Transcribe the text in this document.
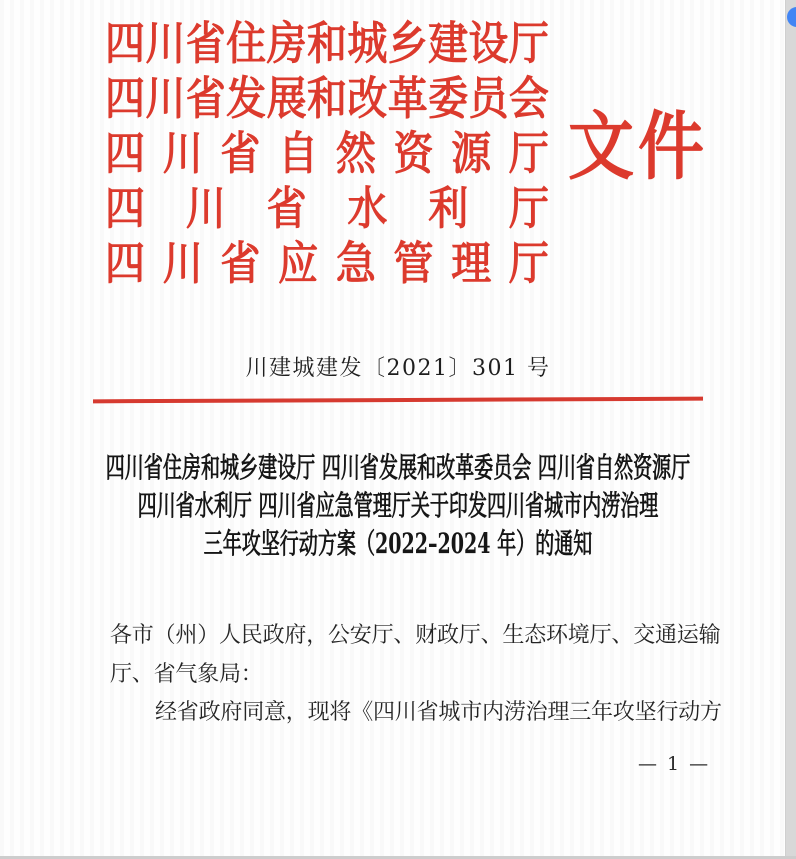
四 川 省 住 房 和 城 乡 建 设 厅
四 川 省 发 展 和 改 革 委 员 会
四 川 省 自 然 资 源 厅
四 川 省 水 利 厅
四 川 省 应 急 管 理 厅
文件
川建城建发〔2021〕301 号
四川省住房和城乡建设厅 四川省发展和改革委员会 四川省自然资源厅
四川省水利厅 四川省应急管理厅关于印发四川省城市内涝治理
三年攻坚行动方案（2022–2024 年）的通知
各市（州）人民政府，公安厅、财政厅、生态环境厅、交通运输
厅、省气象局：
经省政府同意，现将《四川省城市内涝治理三年攻坚行动方
— 1 —
